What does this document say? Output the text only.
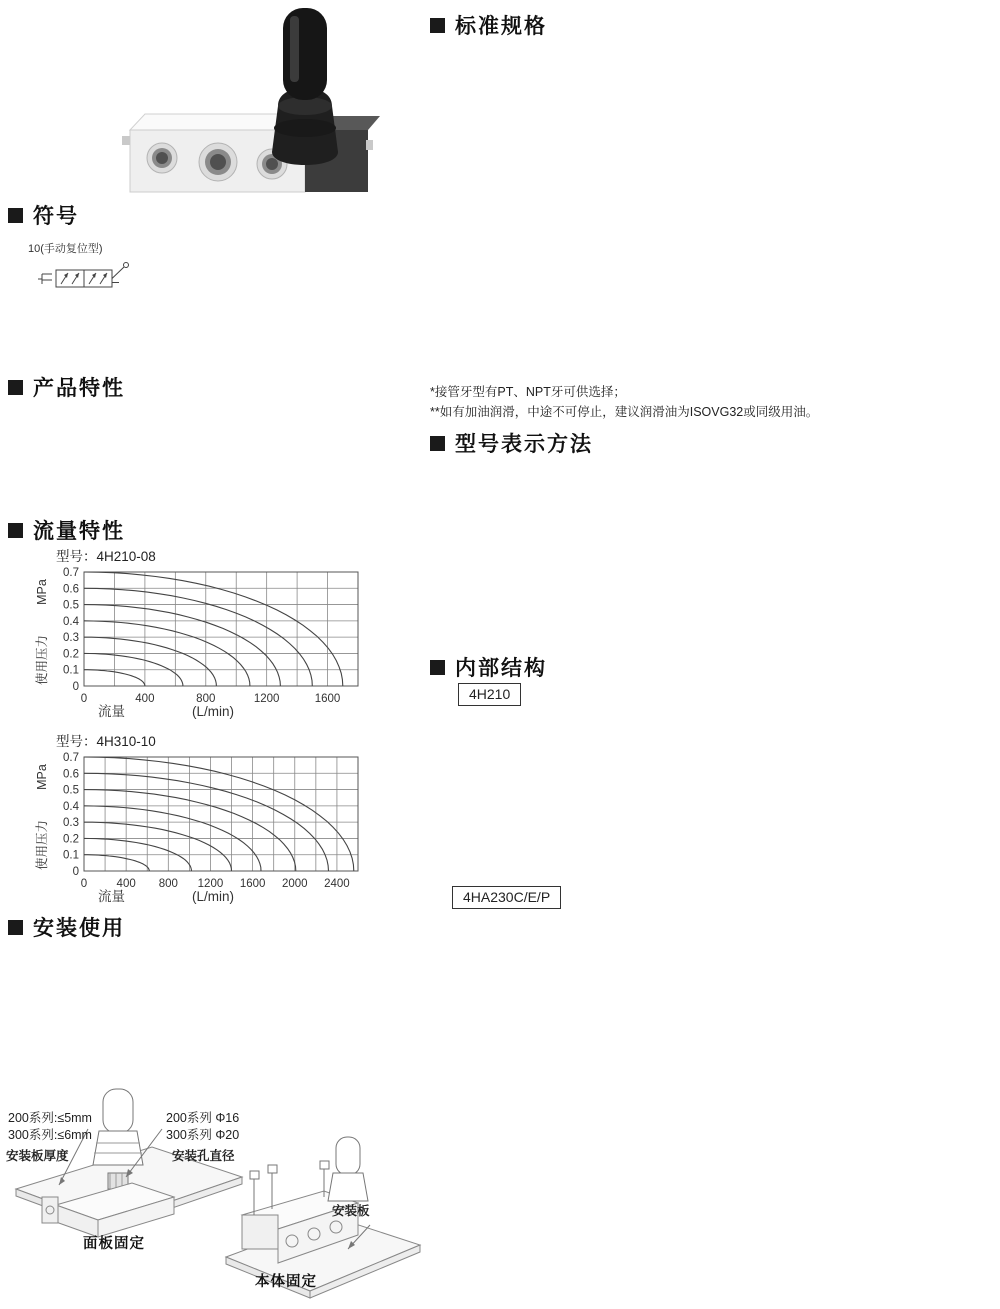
符号
10(手动复位型)
产品特性
流量特性
型号：4H210-08
0
0.1
0.2
0.3
0.4
0.5
0.6
0.7
0	400	800	1200	1600
MPa
使用压力
流量	(L/min)
型号：4H310-10
0
0.1
0.2
0.3
0.4
0.5
0.6
0.7
0	400 800 1200 1600 2000 2400
MPa
使用压力
流量	(L/min)
安装使用
200系列:≤5mm
300系列:≤6mm
安装板厚度
200系列 Φ16
300系列 Φ20
安装孔直径
面板固定
安装板
本体固定
标准规格
*接管牙型有PT、NPT牙可供选择；
**如有加油润滑，中途不可停止，建议润滑油为ISOVG32或同级用油。
型号表示方法
内部结构
4H210
4HA230C/E/P
